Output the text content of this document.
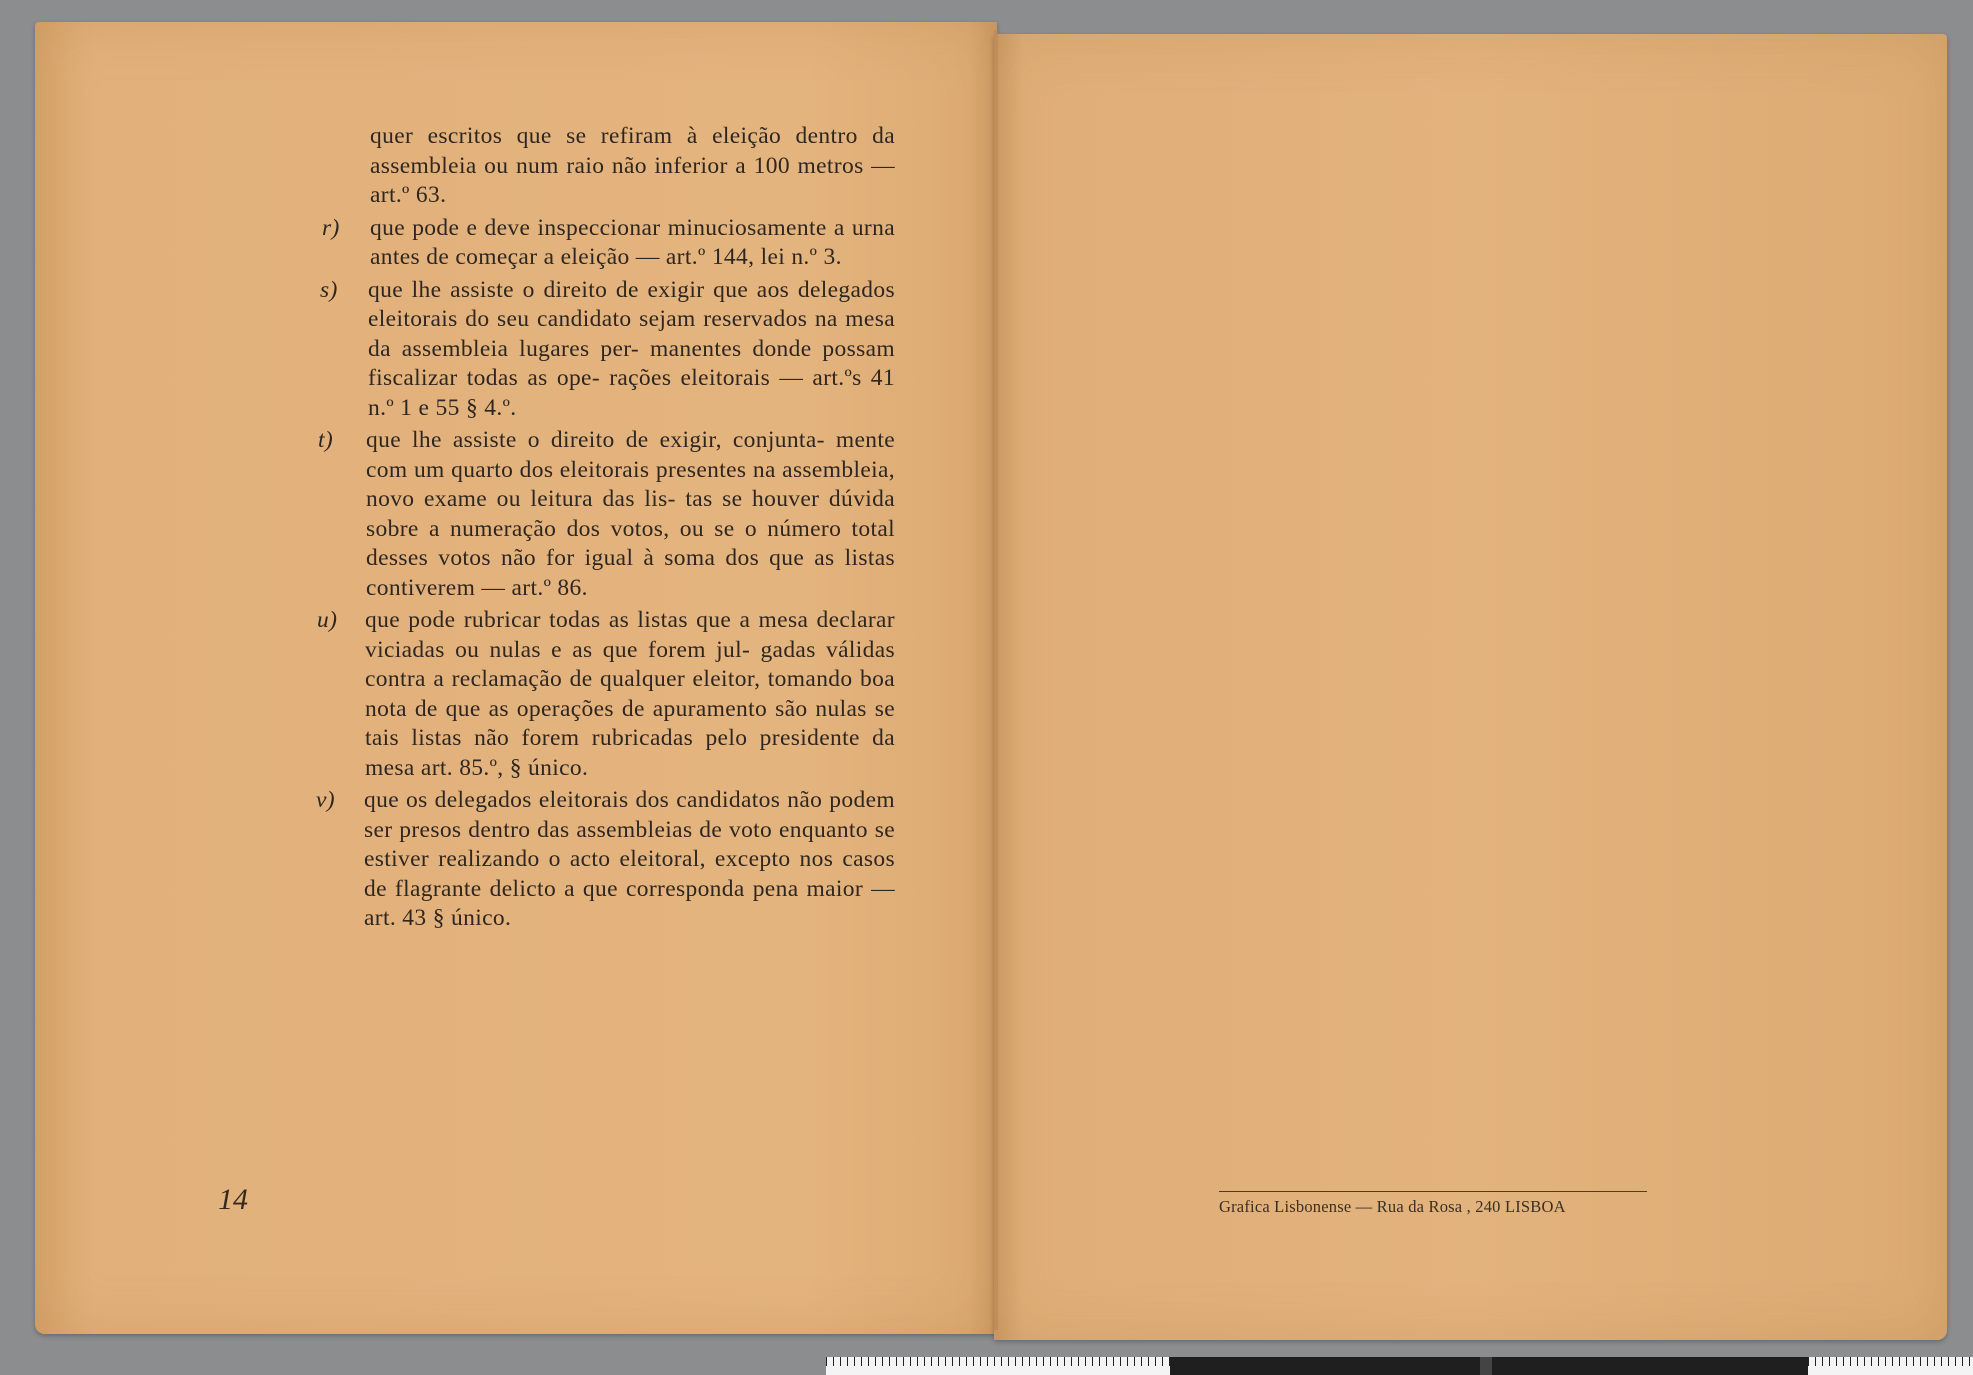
quer escritos que se refiram à eleição dentro da assembleia ou num raio não inferior a 100 metros — art.º 63.
r) que pode e deve inspeccionar minuciosamente a urna antes de começar a eleição — art.º 144, lei n.º 3.
s) que lhe assiste o direito de exigir que aos delegados eleitorais do seu candidato sejam reservados na mesa da assembleia lugares per- manentes donde possam fiscalizar todas as ope- rações eleitorais — art.ºs 41 n.º 1 e 55 § 4.º.
t) que lhe assiste o direito de exigir, conjunta- mente com um quarto dos eleitorais presentes na assembleia, novo exame ou leitura das lis- tas se houver dúvida sobre a numeração dos votos, ou se o número total desses votos não for igual à soma dos que as listas contiverem — art.º 86.
u) que pode rubricar todas as listas que a mesa declarar viciadas ou nulas e as que forem jul- gadas válidas contra a reclamação de qualquer eleitor, tomando boa nota de que as operações de apuramento são nulas se tais listas não forem rubricadas pelo presidente da mesa art. 85.º, § único.
v) que os delegados eleitorais dos candidatos não podem ser presos dentro das assembleias de voto enquanto se estiver realizando o acto eleitoral, excepto nos casos de flagrante delicto a que corresponda pena maior — art. 43 § único.
14	Grafica Lisbonense — Rua da Rosa , 240 LISBOA
